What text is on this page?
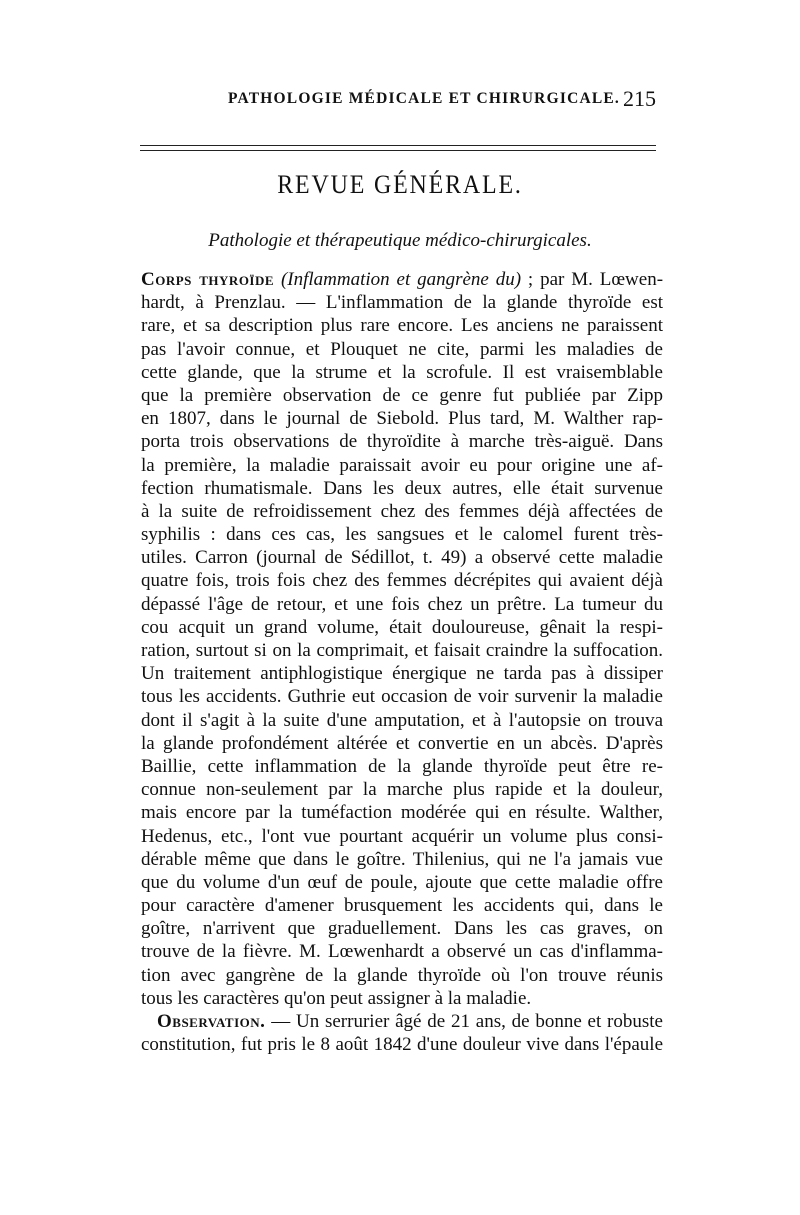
PATHOLOGIE MÉDICALE ET CHIRURGICALE. 215
REVUE GÉNÉRALE.
Pathologie et thérapeutique médico-chirurgicales.
Corps thyroïde (Inflammation et gangrène du) ; par M. Lœwen-
hardt, à Prenzlau. — L'inflammation de la glande thyroïde est
rare, et sa description plus rare encore. Les anciens ne paraissent
pas l'avoir connue, et Plouquet ne cite, parmi les maladies de
cette glande, que la strume et la scrofule. Il est vraisemblable
que la première observation de ce genre fut publiée par Zipp
en 1807, dans le journal de Siebold. Plus tard, M. Walther rap-
porta trois observations de thyroïdite à marche très-aiguë. Dans
la première, la maladie paraissait avoir eu pour origine une af-
fection rhumatismale. Dans les deux autres, elle était survenue
à la suite de refroidissement chez des femmes déjà affectées de
syphilis : dans ces cas, les sangsues et le calomel furent très-
utiles. Carron (journal de Sédillot, t. 49) a observé cette maladie
quatre fois, trois fois chez des femmes décrépites qui avaient déjà
dépassé l'âge de retour, et une fois chez un prêtre. La tumeur du
cou acquit un grand volume, était douloureuse, gênait la respi-
ration, surtout si on la comprimait, et faisait craindre la suffocation.
Un traitement antiphlogistique énergique ne tarda pas à dissiper
tous les accidents. Guthrie eut occasion de voir survenir la maladie
dont il s'agit à la suite d'une amputation, et à l'autopsie on trouva
la glande profondément altérée et convertie en un abcès. D'après
Baillie, cette inflammation de la glande thyroïde peut être re-
connue non-seulement par la marche plus rapide et la douleur,
mais encore par la tuméfaction modérée qui en résulte. Walther,
Hedenus, etc., l'ont vue pourtant acquérir un volume plus consi-
dérable même que dans le goître. Thilenius, qui ne l'a jamais vue
que du volume d'un œuf de poule, ajoute que cette maladie offre
pour caractère d'amener brusquement les accidents qui, dans le
goître, n'arrivent que graduellement. Dans les cas graves, on
trouve de la fièvre. M. Lœwenhardt a observé un cas d'inflamma-
tion avec gangrène de la glande thyroïde où l'on trouve réunis
tous les caractères qu'on peut assigner à la maladie.
Observation. — Un serrurier âgé de 21 ans, de bonne et robuste
constitution, fut pris le 8 août 1842 d'une douleur vive dans l'épaule
